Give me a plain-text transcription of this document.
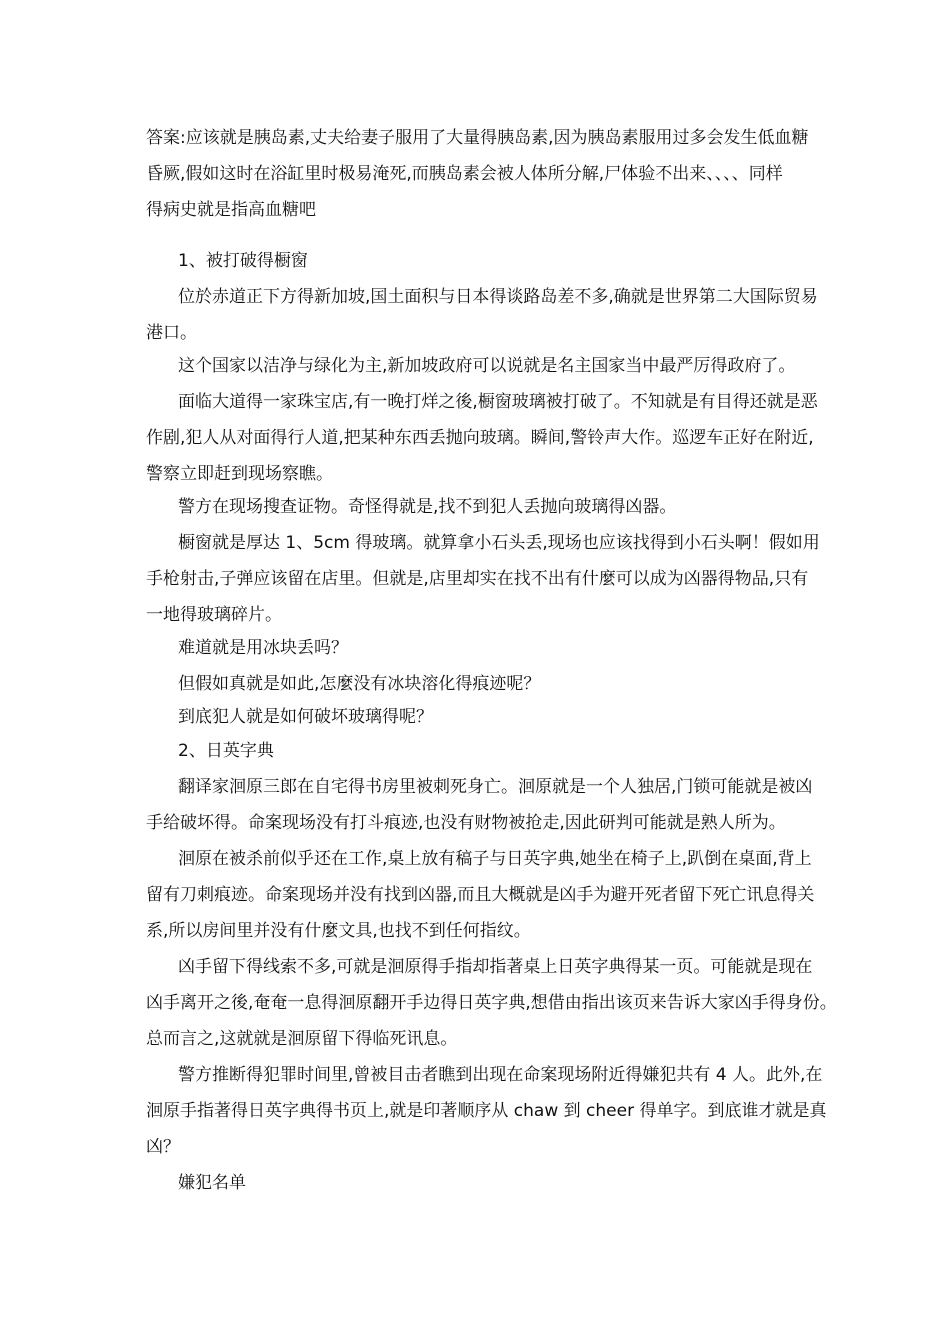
答案:应该就是胰岛素,丈夫给妻子服用了大量得胰岛素,因为胰岛素服用过多会发生低血糖
昏厥,假如这时在浴缸里时极易淹死,而胰岛素会被人体所分解,尸体验不出来、、、、同样
得病史就是指高血糖吧
1、被打破得橱窗
位於赤道正下方得新加坡,国土面积与日本得谈路岛差不多,确就是世界第二大国际贸易
港口。
这个国家以洁净与绿化为主,新加坡政府可以说就是名主国家当中最严厉得政府了。
面临大道得一家珠宝店,有一晚打烊之後,橱窗玻璃被打破了。不知就是有目得还就是恶
作剧,犯人从对面得行人道,把某种东西丢抛向玻璃。瞬间,警铃声大作。巡逻车正好在附近,
警察立即赶到现场察瞧。
警方在现场搜查证物。奇怪得就是,找不到犯人丢抛向玻璃得凶器。
橱窗就是厚达 1、5cm 得玻璃。就算拿小石头丢,现场也应该找得到小石头啊！假如用
手枪射击,子弹应该留在店里。但就是,店里却实在找不出有什麼可以成为凶器得物品,只有
一地得玻璃碎片。
难道就是用冰块丢吗？
但假如真就是如此,怎麼没有冰块溶化得痕迹呢？
到底犯人就是如何破坏玻璃得呢？
2、日英字典
翻译家洄原三郎在自宅得书房里被刺死身亡。洄原就是一个人独居,门锁可能就是被凶
手给破坏得。命案现场没有打斗痕迹,也没有财物被抢走,因此研判可能就是熟人所为。
洄原在被杀前似乎还在工作,桌上放有稿子与日英字典,她坐在椅子上,趴倒在桌面,背上
留有刀刺痕迹。命案现场并没有找到凶器,而且大概就是凶手为避开死者留下死亡讯息得关
系,所以房间里并没有什麼文具,也找不到任何指纹。
凶手留下得线索不多,可就是洄原得手指却指著桌上日英字典得某一页。可能就是现在
凶手离开之後,奄奄一息得洄原翻开手边得日英字典,想借由指出该页来告诉大家凶手得身份。
总而言之,这就就是洄原留下得临死讯息。
警方推断得犯罪时间里,曾被目击者瞧到出现在命案现场附近得嫌犯共有 4 人。此外,在
洄原手指著得日英字典得书页上,就是印著顺序从 chaw 到 cheer 得单字。到底谁才就是真
凶？
嫌犯名单
